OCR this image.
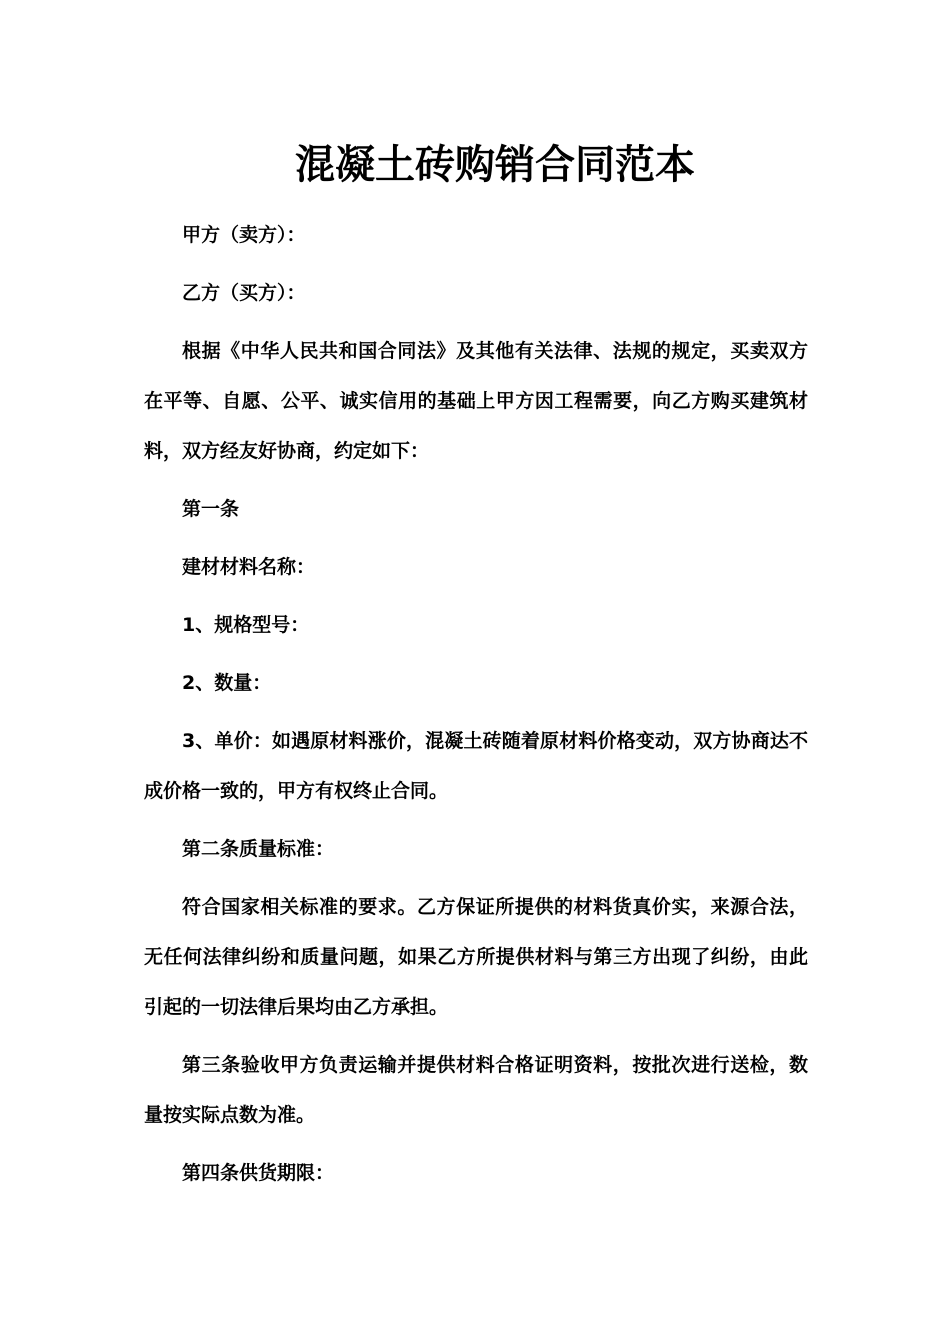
混凝土砖购销合同范本
甲方（卖方）：
乙方（买方）：
根据《中华人民共和国合同法》及其他有关法律、法规的规定，买卖双方
在平等、自愿、公平、诚实信用的基础上甲方因工程需要，向乙方购买建筑材
料，双方经友好协商，约定如下：
第一条
建材材料名称：
1、规格型号：
2、数量：
3、单价：如遇原材料涨价，混凝土砖随着原材料价格变动，双方协商达不
成价格一致的，甲方有权终止合同。
第二条质量标准：
符合国家相关标准的要求。乙方保证所提供的材料货真价实，来源合法，
无任何法律纠纷和质量问题，如果乙方所提供材料与第三方出现了纠纷，由此
引起的一切法律后果均由乙方承担。
第三条验收甲方负责运输并提供材料合格证明资料，按批次进行送检，数
量按实际点数为准。
第四条供货期限：
